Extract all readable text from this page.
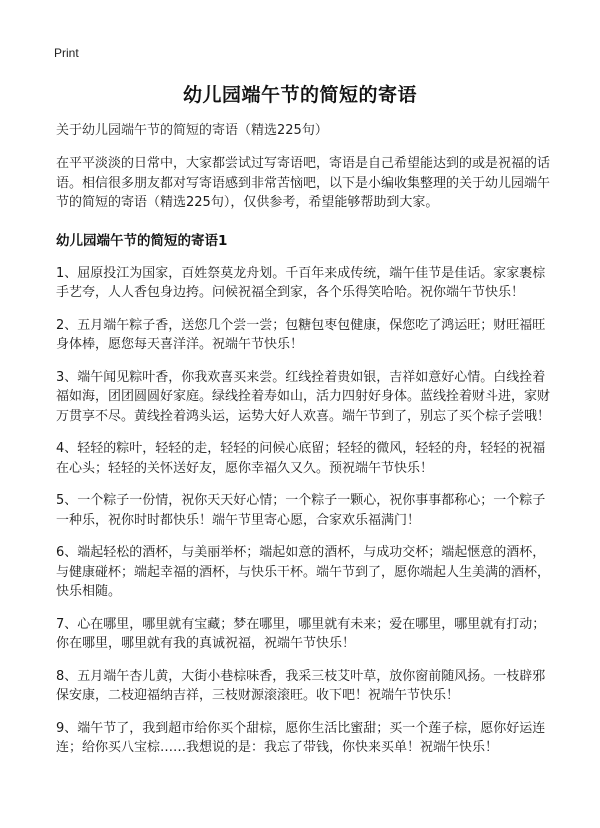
Print
幼儿园端午节的简短的寄语

关于幼儿园端午节的简短的寄语（精选225句）

在平平淡淡的日常中，大家都尝试过写寄语吧，寄语是自己希望能达到的或是祝福的话语。相信很多朋友都对写寄语感到非常苦恼吧，以下是小编收集整理的关于幼儿园端午节的简短的寄语（精选225句），仅供参考，希望能够帮助到大家。

幼儿园端午节的简短的寄语1

1、屈原投江为国家，百姓祭莫龙舟划。千百年来成传统，端午佳节是佳话。家家裹棕手艺夸，人人香包身边挎。问候祝福全到家，各个乐得笑哈哈。祝你端午节快乐！

2、五月端午粽子香，送您几个尝一尝；包糖包枣包健康，保您吃了鸿运旺；财旺福旺身体棒，愿您每天喜洋洋。祝端午节快乐！

3、端午闻见粽叶香，你我欢喜买来尝。红线拴着贵如银，吉祥如意好心情。白线拴着福如海，团团圆圆好家庭。绿线拴着寿如山，活力四射好身体。蓝线拴着财斗进，家财万贯享不尽。黄线拴着鸿头运，运势大好人欢喜。端午节到了，别忘了买个棕子尝哦！

4、轻轻的粽叶，轻轻的走，轻轻的问候心底留；轻轻的微风，轻轻的舟，轻轻的祝福在心头；轻轻的关怀送好友，愿你幸福久又久。预祝端午节快乐！

5、一个粽子一份情，祝你天天好心情；一个粽子一颗心，祝你事事都称心；一个粽子一种乐，祝你时时都快乐！端午节里寄心愿，合家欢乐福满门！

6、端起轻松的酒杯，与美丽举杯；端起如意的酒杯，与成功交杯；端起惬意的酒杯，与健康碰杯；端起幸福的酒杯，与快乐干杯。端午节到了，愿你端起人生美满的酒杯，快乐相随。

7、心在哪里，哪里就有宝藏；梦在哪里，哪里就有未来；爱在哪里，哪里就有打动；你在哪里，哪里就有我的真诚祝福，祝端午节快乐！

8、五月端午杏儿黄，大街小巷棕味香，我采三枝艾叶草，放你窗前随风扬。一枝辟邪保安康，二枝迎福纳吉祥，三枝财源滚滚旺。收下吧！祝端午节快乐！

9、端午节了，我到超市给你买个甜棕，愿你生活比蜜甜；买一个莲子棕，愿你好运连连；给你买八宝棕……我想说的是：我忘了带钱，你快来买单！祝端午快乐！
